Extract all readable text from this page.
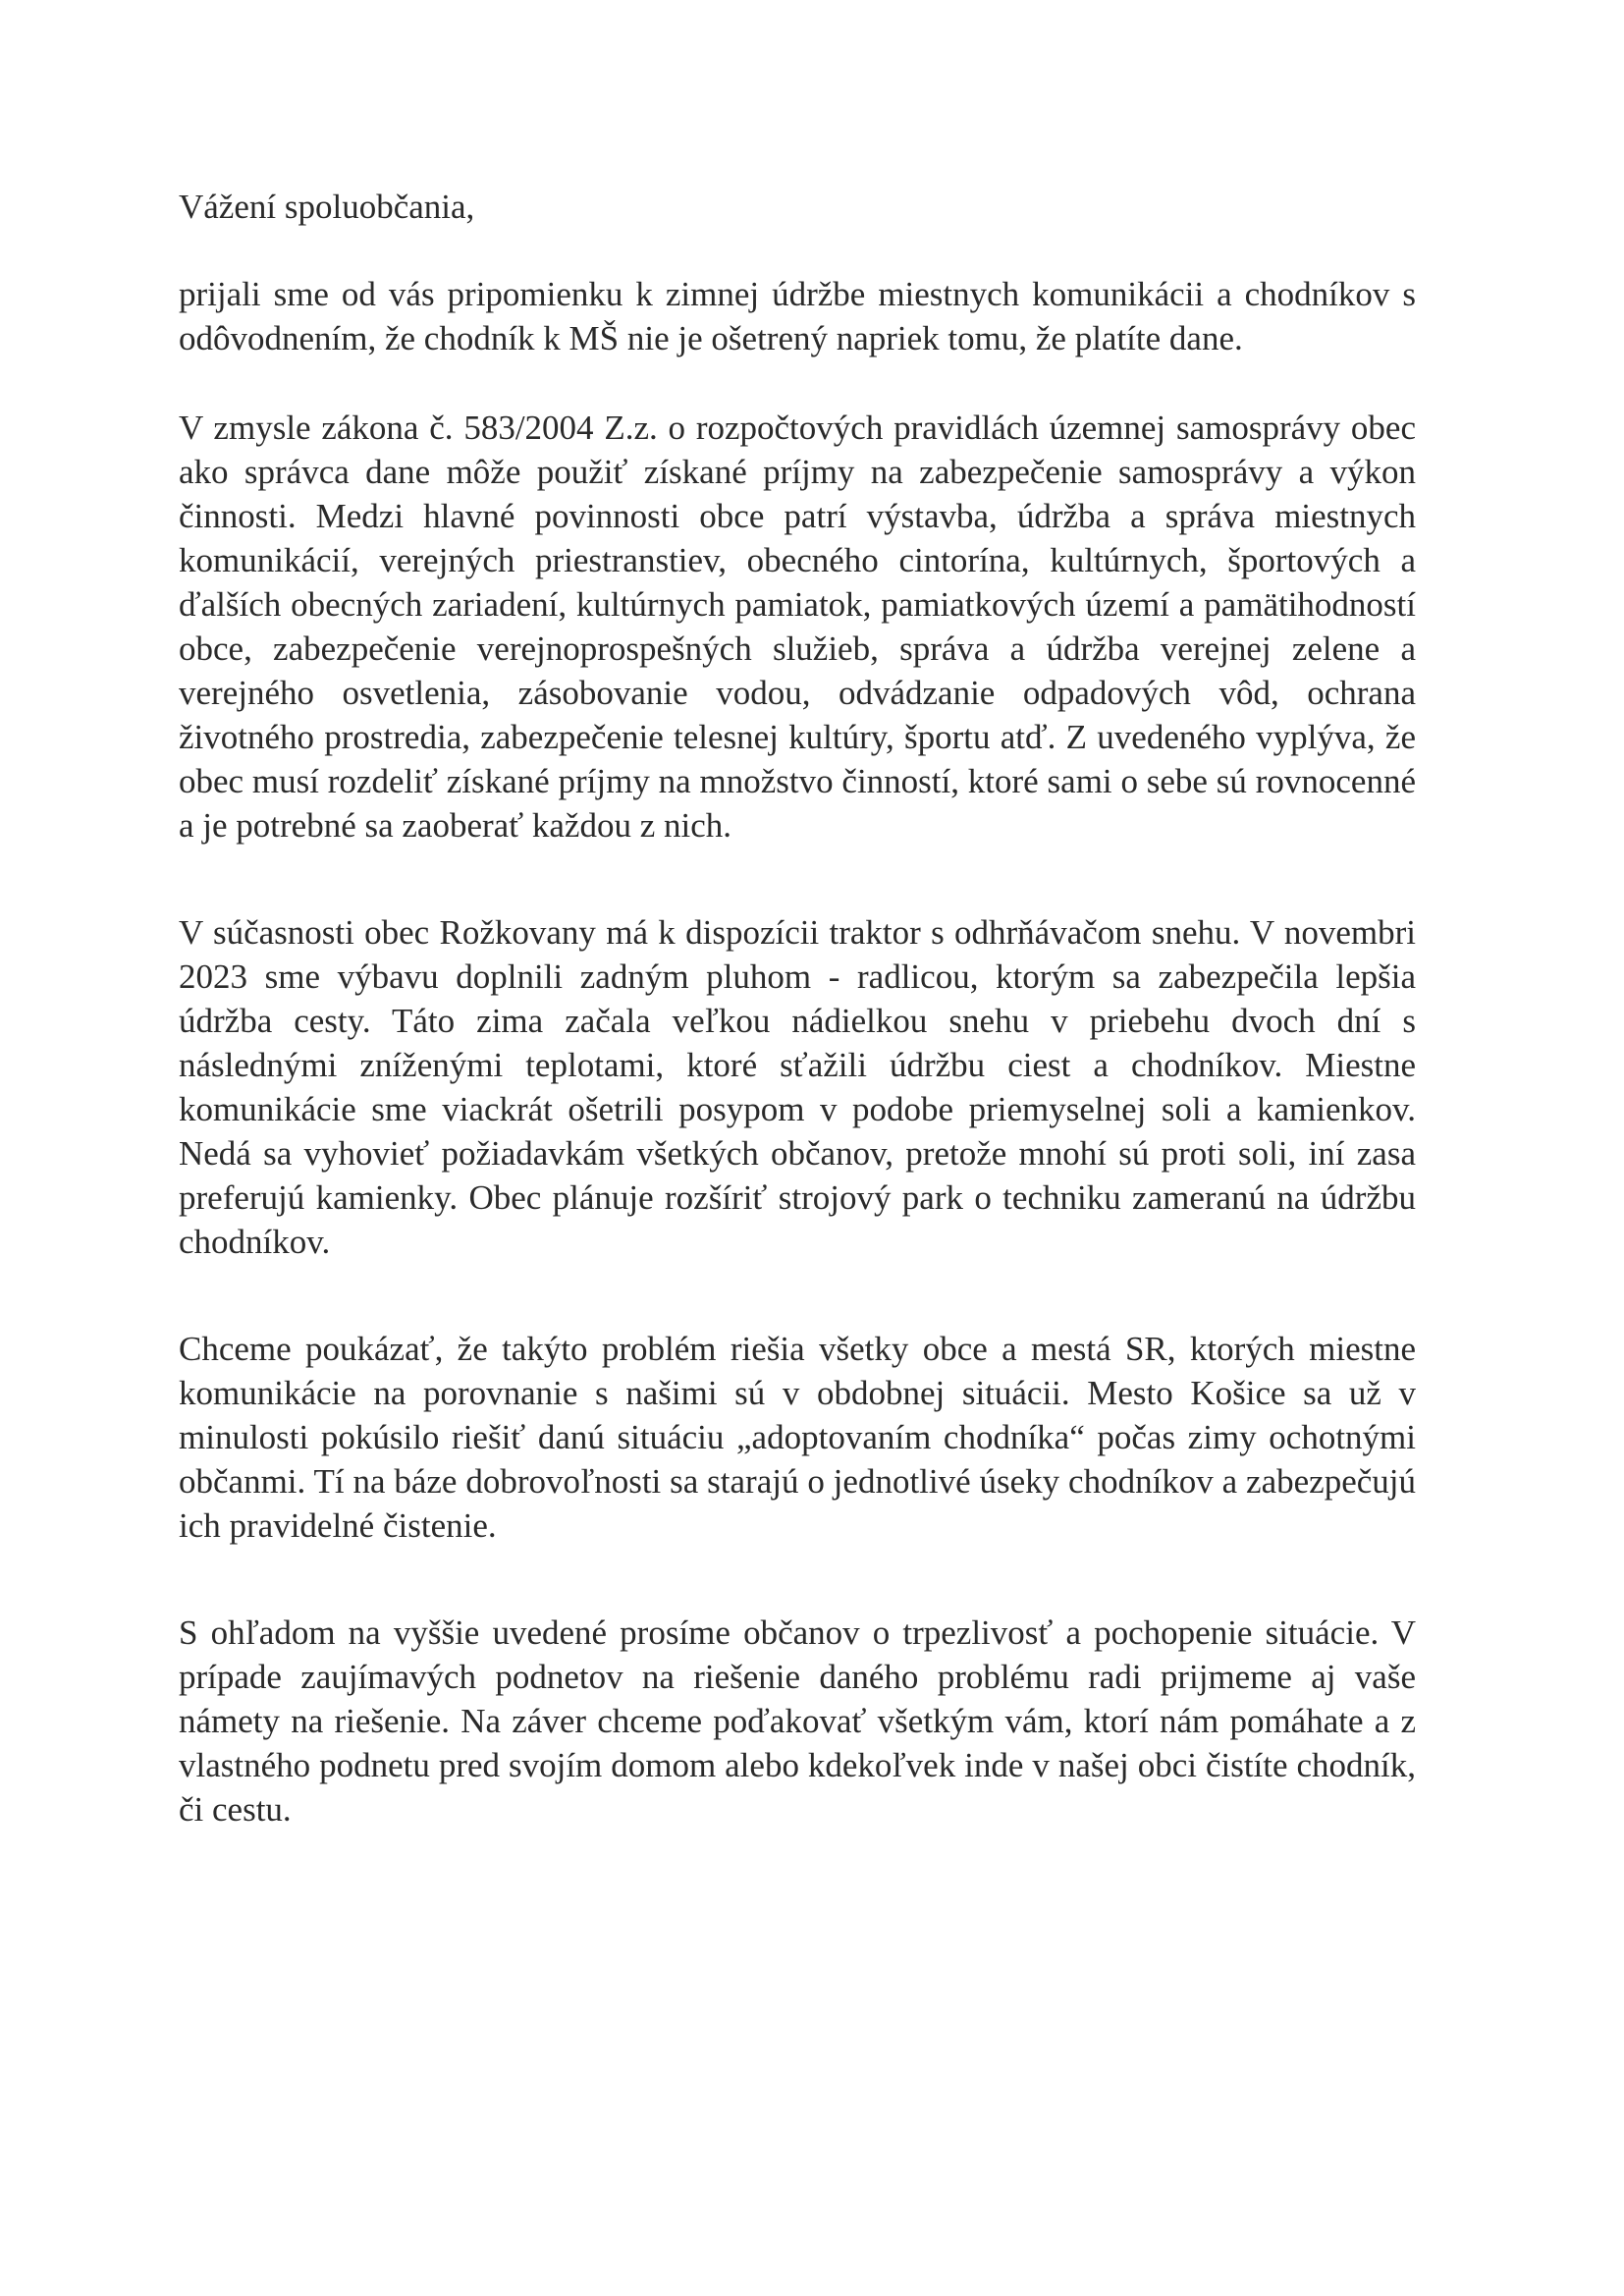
Vážení spoluobčania,

prijali sme od vás pripomienku k zimnej údržbe miestnych komunikácii a chodníkov s odôvodnením, že chodník k MŠ nie je ošetrený napriek tomu, že platíte dane.

V zmysle zákona č. 583/2004 Z.z. o rozpočtových pravidlách územnej samosprávy obec ako správca dane môže použiť získané príjmy na zabezpečenie samosprávy a výkon činnosti. Medzi hlavné povinnosti obce patrí výstavba, údržba a správa miestnych komunikácií, verejných priestranstiev, obecného cintorína, kultúrnych, športových a ďalších obecných zariadení, kultúrnych pamiatok, pamiatkových území a pamätihodností obce, zabezpečenie verejnoprospešných služieb, správa a údržba verejnej zelene a verejného osvetlenia, zásobovanie vodou, odvádzanie odpadových vôd, ochrana životného prostredia, zabezpečenie telesnej kultúry, športu atď. Z uvedeného vyplýva, že obec musí rozdeliť získané príjmy na množstvo činností, ktoré sami o sebe sú rovnocenné a je potrebné sa zaoberať každou z nich.

V súčasnosti obec Rožkovany má k dispozícii traktor s odhrňávačom snehu. V novembri 2023 sme výbavu doplnili zadným pluhom - radlicou, ktorým sa zabezpečila lepšia údržba cesty. Táto zima začala veľkou nádielkou snehu v priebehu dvoch dní s následnými zníženými teplotami, ktoré sťažili údržbu ciest a chodníkov. Miestne komunikácie sme viackrát ošetrili posypom v podobe priemyselnej soli a kamienkov. Nedá sa vyhovieť požiadavkám všetkých občanov, pretože mnohí sú proti soli, iní zasa preferujú kamienky. Obec plánuje rozšíriť strojový park o techniku zameranú na údržbu chodníkov.

Chceme poukázať, že takýto problém riešia všetky obce a mestá SR, ktorých miestne komunikácie na porovnanie s našimi sú v obdobnej situácii. Mesto Košice sa už v minulosti pokúsilo riešiť danú situáciu „adoptovaním chodníka“ počas zimy ochotnými občanmi. Tí na báze dobrovoľnosti sa starajú o jednotlivé úseky chodníkov a zabezpečujú ich pravidelné čistenie.

S ohľadom na vyššie uvedené prosíme občanov o trpezlivosť a pochopenie situácie. V prípade zaujímavých podnetov na riešenie daného problému radi prijmeme aj vaše námety na riešenie. Na záver chceme poďakovať všetkým vám, ktorí nám pomáhate a z vlastného podnetu pred svojím domom alebo kdekoľvek inde v našej obci čistíte chodník, či cestu.
